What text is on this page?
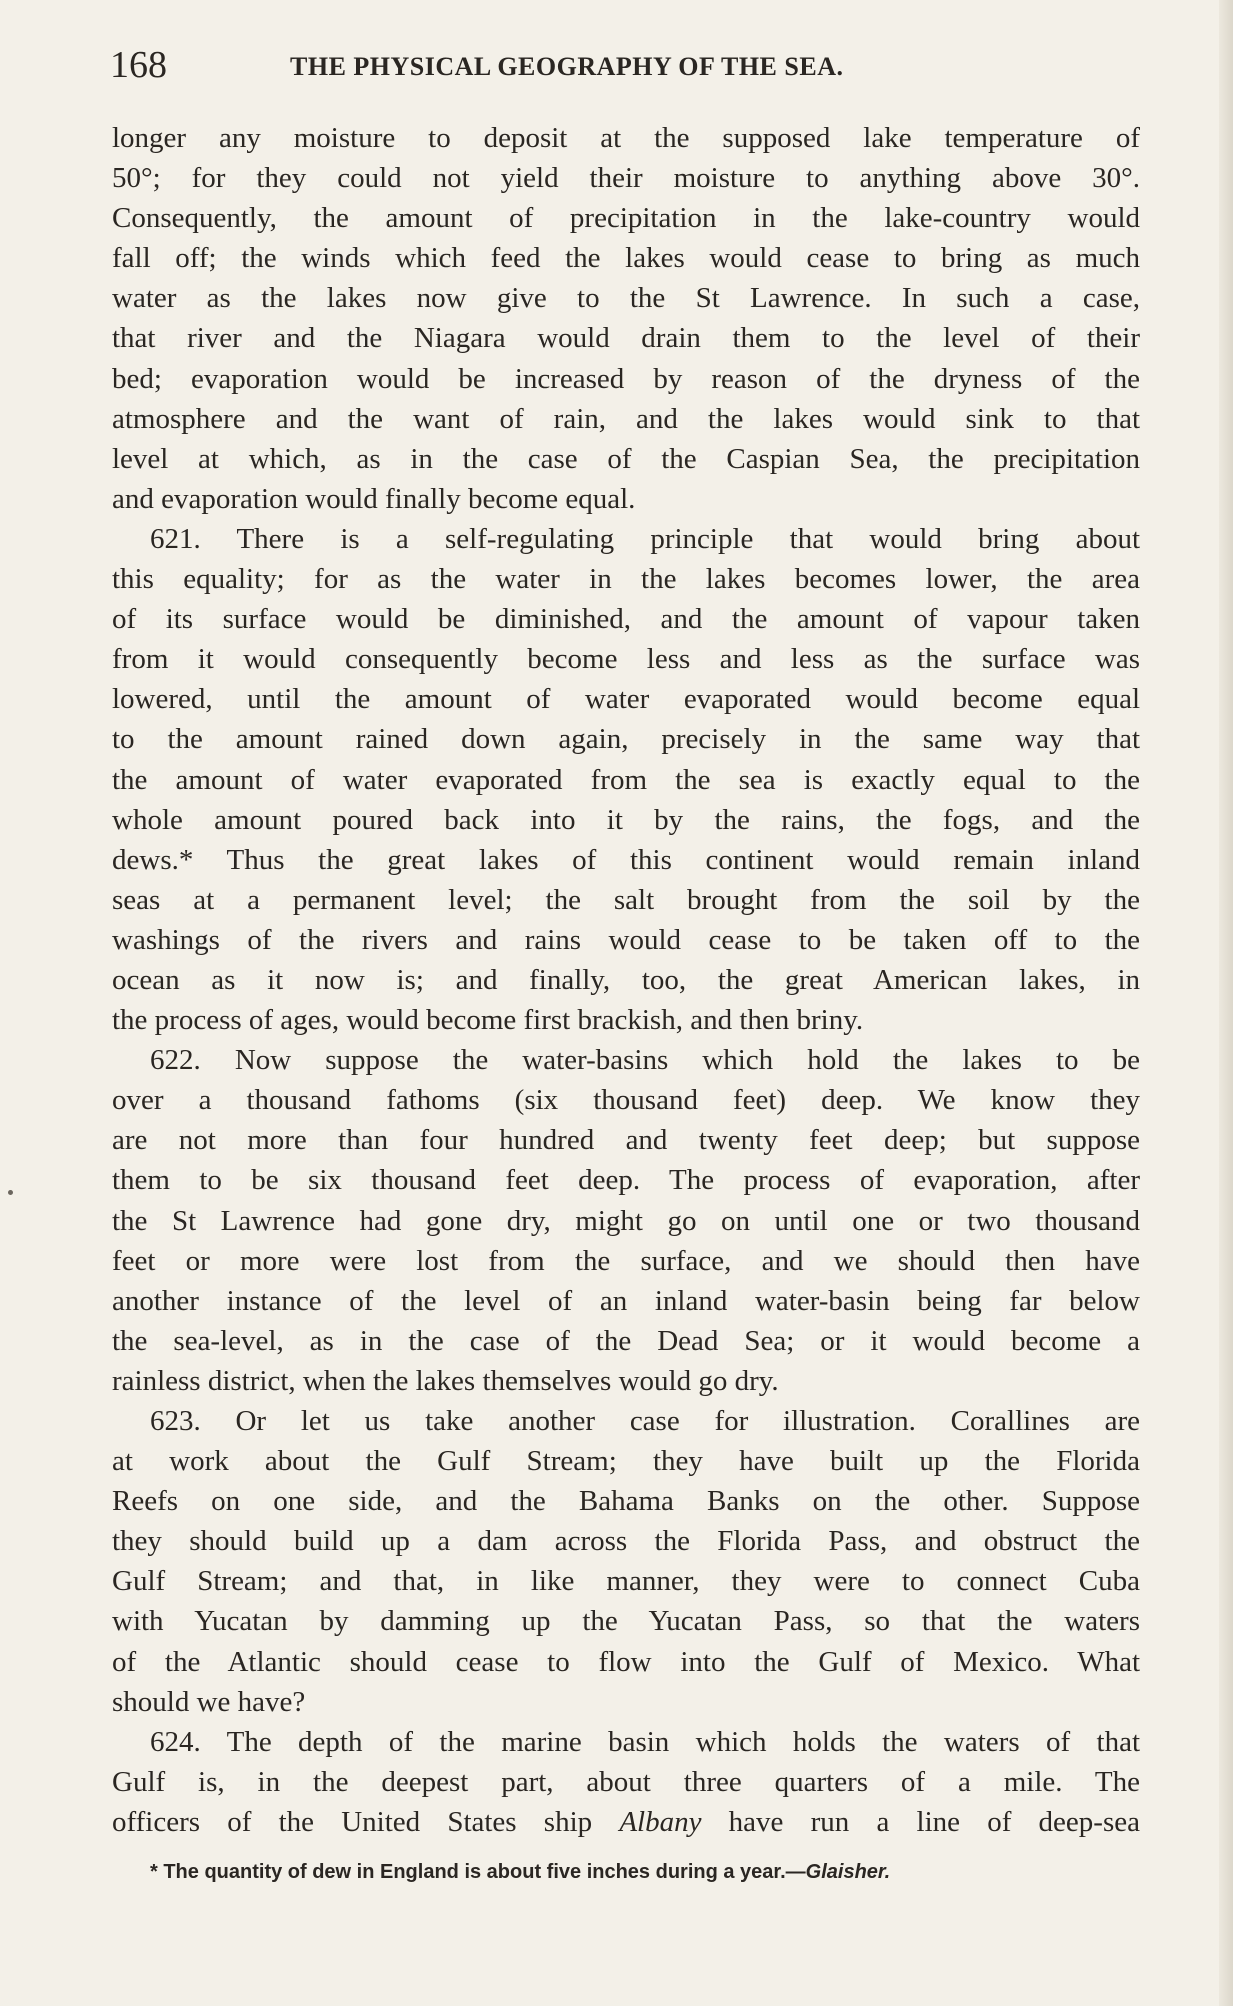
168	THE PHYSICAL GEOGRAPHY OF THE SEA.
longer any moisture to deposit at the supposed lake temperature of
50°; for they could not yield their moisture to anything above 30°.
Consequently, the amount of precipitation in the lake-country would
fall off; the winds which feed the lakes would cease to bring as much
water as the lakes now give to the St Lawrence. In such a case,
that river and the Niagara would drain them to the level of their
bed; evaporation would be increased by reason of the dryness of the
atmosphere and the want of rain, and the lakes would sink to that
level at which, as in the case of the Caspian Sea, the precipitation
and evaporation would finally become equal.
621. There is a self-regulating principle that would bring about
this equality; for as the water in the lakes becomes lower, the area
of its surface would be diminished, and the amount of vapour taken
from it would consequently become less and less as the surface was
lowered, until the amount of water evaporated would become equal
to the amount rained down again, precisely in the same way that
the amount of water evaporated from the sea is exactly equal to the
whole amount poured back into it by the rains, the fogs, and the
dews.* Thus the great lakes of this continent would remain inland
seas at a permanent level; the salt brought from the soil by the
washings of the rivers and rains would cease to be taken off to the
ocean as it now is; and finally, too, the great American lakes, in
the process of ages, would become first brackish, and then briny.
622. Now suppose the water-basins which hold the lakes to be
over a thousand fathoms (six thousand feet) deep. We know they
are not more than four hundred and twenty feet deep; but suppose
them to be six thousand feet deep. The process of evaporation, after
the St Lawrence had gone dry, might go on until one or two thousand
feet or more were lost from the surface, and we should then have
another instance of the level of an inland water-basin being far below
the sea-level, as in the case of the Dead Sea; or it would become a
rainless district, when the lakes themselves would go dry.
623. Or let us take another case for illustration. Corallines are
at work about the Gulf Stream; they have built up the Florida
Reefs on one side, and the Bahama Banks on the other. Suppose
they should build up a dam across the Florida Pass, and obstruct the
Gulf Stream; and that, in like manner, they were to connect Cuba
with Yucatan by damming up the Yucatan Pass, so that the waters
of the Atlantic should cease to flow into the Gulf of Mexico. What
should we have?
624. The depth of the marine basin which holds the waters of that
Gulf is, in the deepest part, about three quarters of a mile. The
officers of the United States ship Albany have run a line of deep-sea
* The quantity of dew in England is about five inches during a year.—Glaisher.
